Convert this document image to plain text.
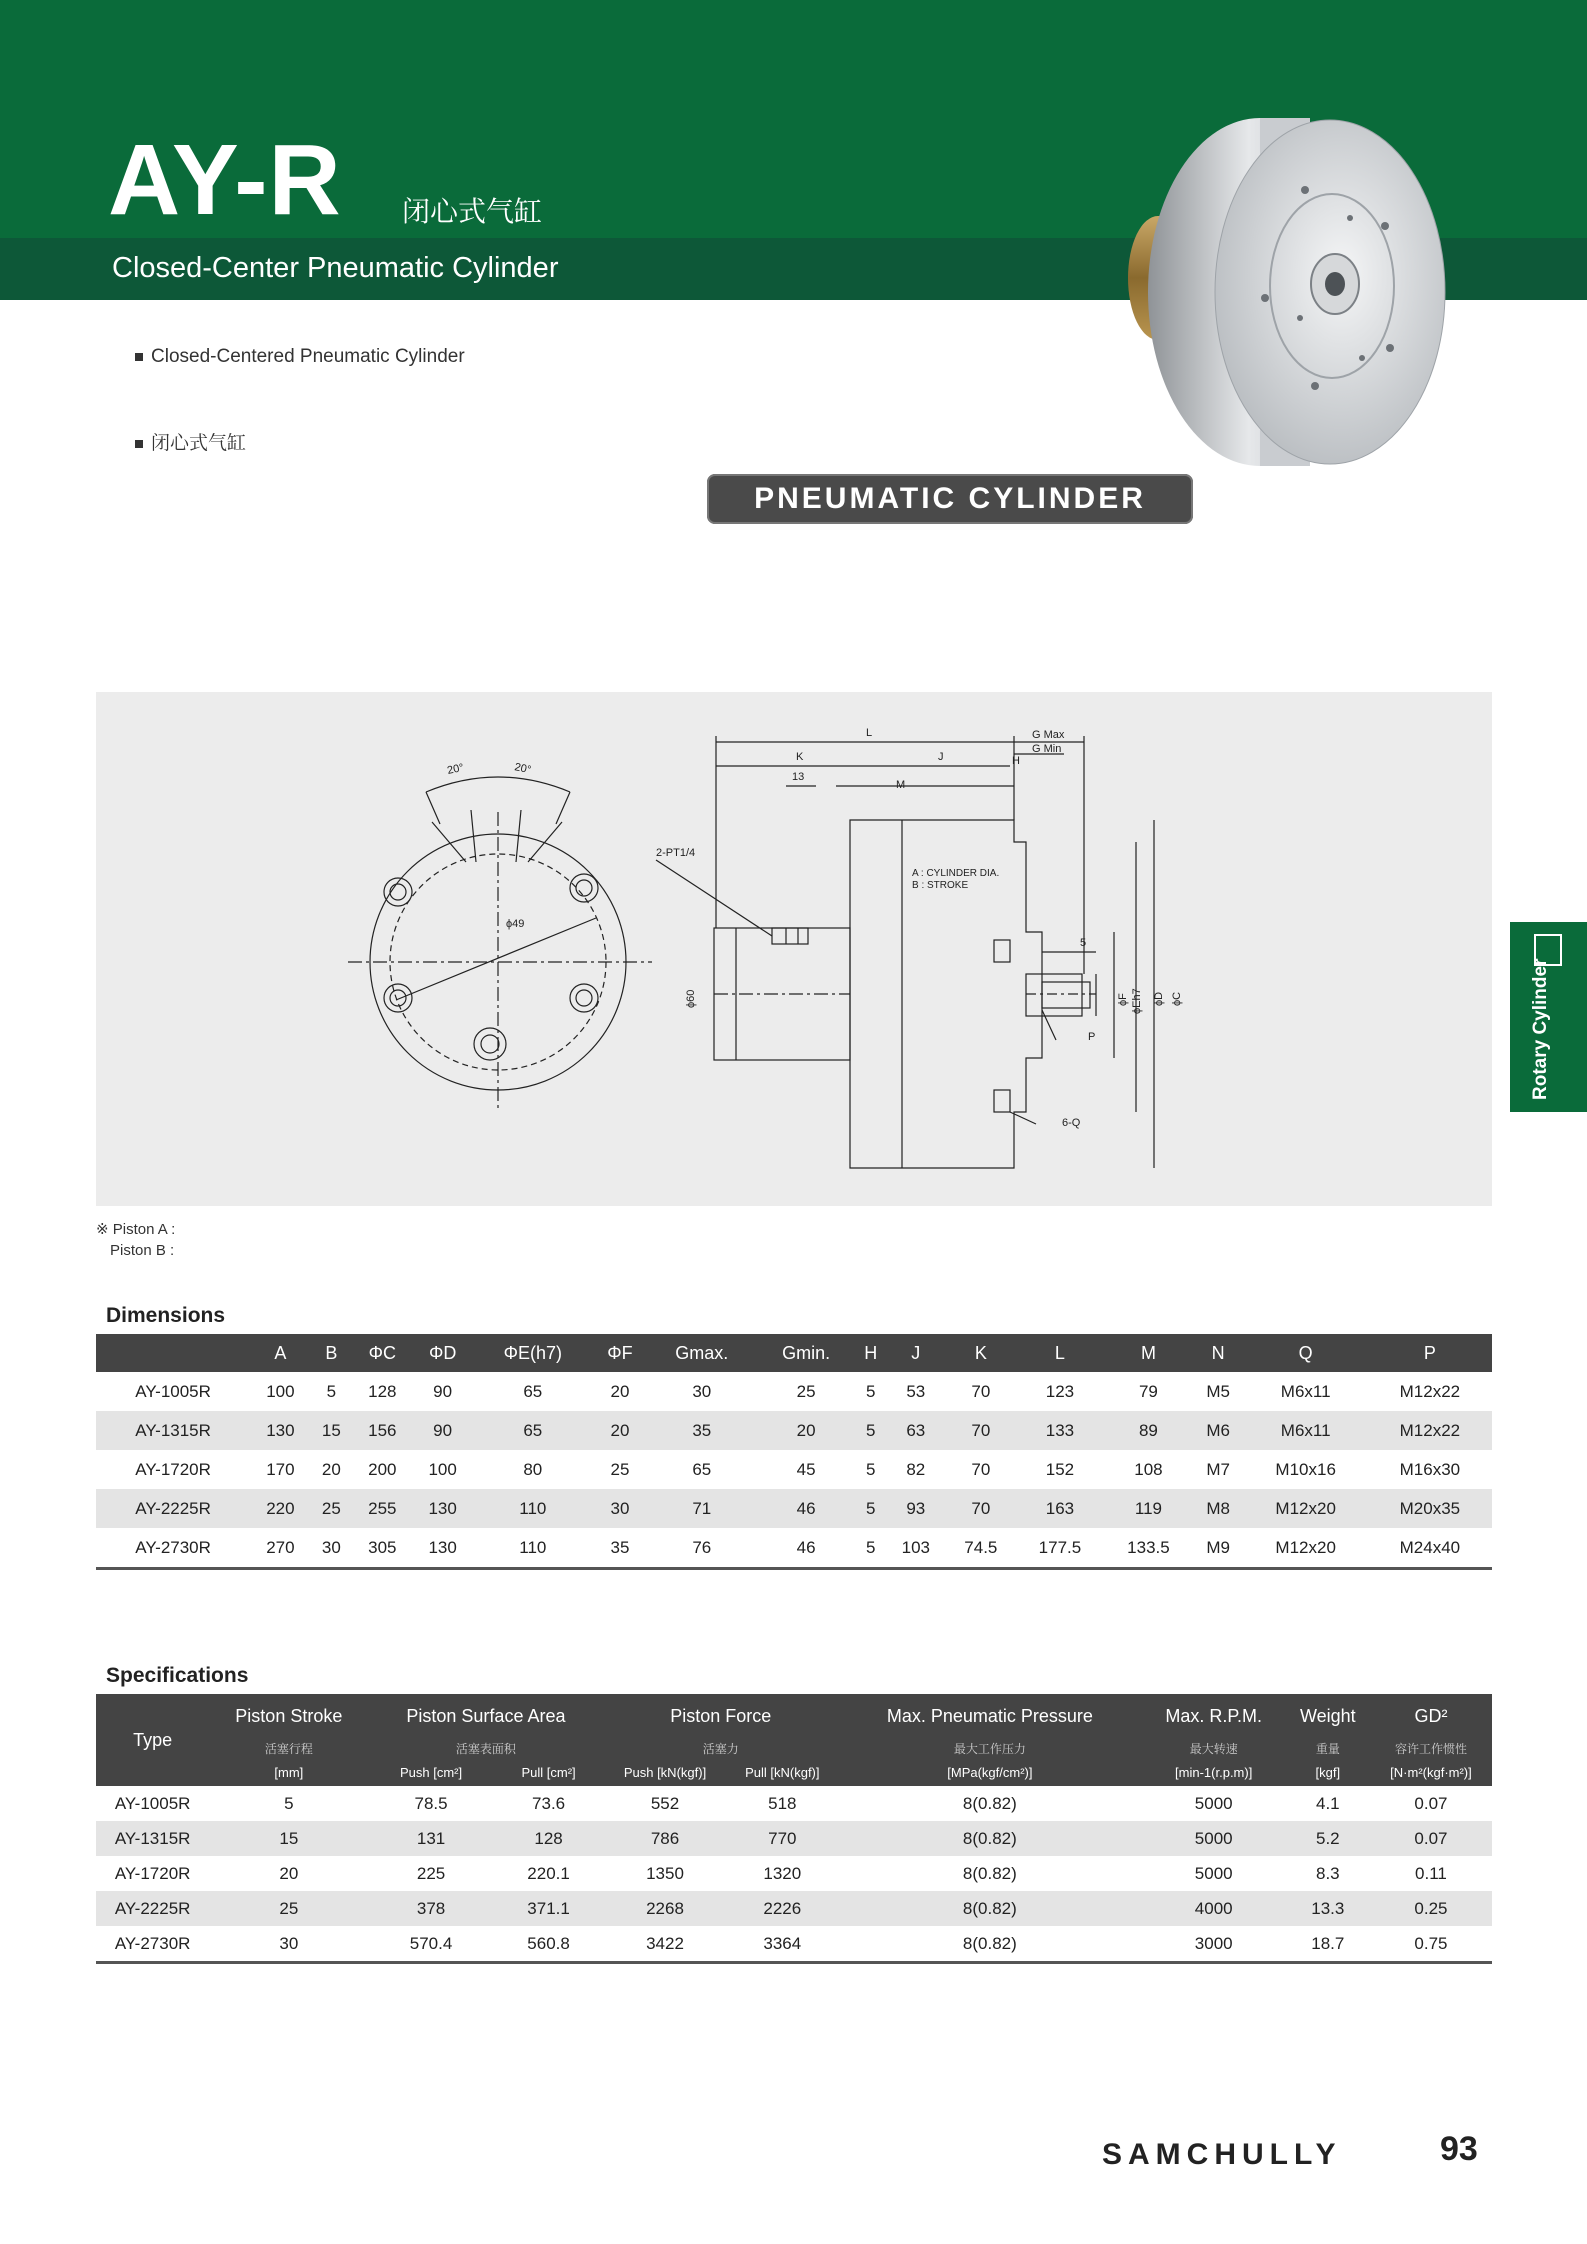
AY-R 闭心式气缸
Closed-Center Pneumatic Cylinder
Closed-Centered Pneumatic Cylinder
闭心式气缸
PNEUMATIC CYLINDER
20°	20°
ϕ49
L
K	J
13
M
H
G Max
G Min
2-PT1/4
A : CYLINDER DIA.
B : STROKE
5
ϕ60	ϕF ϕEh7 ϕD ϕC
P
6-Q
※ Piston A :
Piston B :
Rotary Cylinder
Dimensions
	A	B	ΦC	ΦD	ΦE(h7)	ΦF	Gmax.	Gmin.	H	J	K	L	M	N	Q	P
AY-1005R	100	5	128	90	65	20	30	25	5	53	70	123	79	M5	M6x11	M12x22
AY-1315R	130	15	156	90	65	20	35	20	5	63	70	133	89	M6	M6x11	M12x22
AY-1720R	170	20	200	100	80	25	65	45	5	82	70	152	108	M7	M10x16	M16x30
AY-2225R	220	25	255	130	110	30	71	46	5	93	70	163	119	M8	M12x20	M20x35
AY-2730R	270	30	305	130	110	35	76	46	5	103	74.5	177.5	133.5	M9	M12x20	M24x40
Specifications
Type	Piston Stroke	Piston Surface Area		Piston Force		Max. Pneumatic Pressure	Max. R.P.M.	Weight	GD²
	活塞行程	活塞表面积		活塞力		最大工作压力	最大转速	重量	容许工作惯性
	[mm]	Push [cm²]	Pull [cm²]	Push [kN(kgf)]	Pull [kN(kgf)]	[MPa(kgf/cm²)]	[min-1(r.p.m)]	[kgf]	[N·m²(kgf·m²)]
AY-1005R	5	78.5	73.6	552	518	8(0.82)	5000	4.1	0.07
AY-1315R	15	131	128	786	770	8(0.82)	5000	5.2	0.07
AY-1720R	20	225	220.1	1350	1320	8(0.82)	5000	8.3	0.11
AY-2225R	25	378	371.1	2268	2226	8(0.82)	4000	13.3	0.25
AY-2730R	30	570.4	560.8	3422	3364	8(0.82)	3000	18.7	0.75
SAMCHULLY	93
